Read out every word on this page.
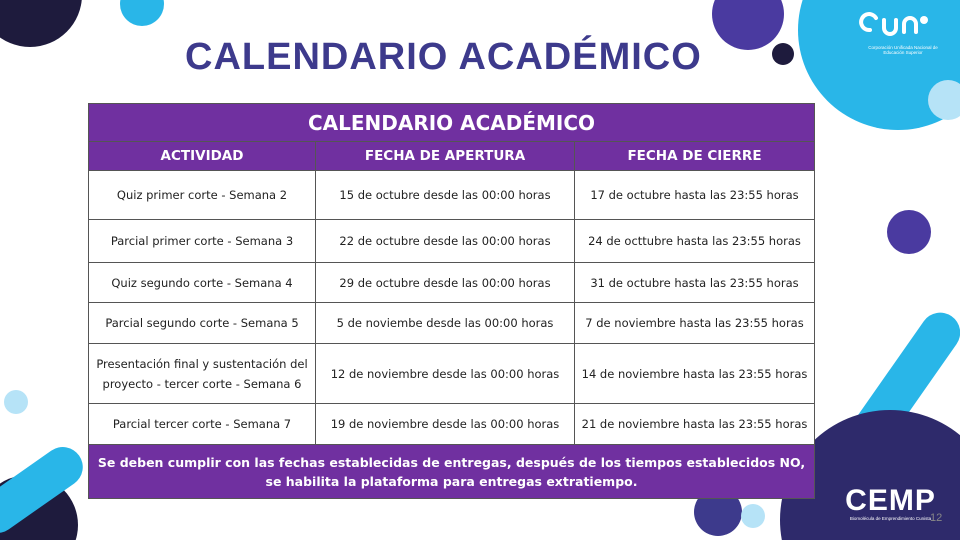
CALENDARIO ACADÉMICO	Corporación Unificada Nacional de Educación Superior
CALENDARIO ACADÉMICO		
ACTIVIDAD	FECHA DE APERTURA	FECHA DE CIERRE
Quiz primer corte - Semana 2	15 de octubre desde las 00:00 horas	17 de octubre hasta las 23:55 horas
Parcial primer corte - Semana 3	22 de octubre desde las 00:00 horas	24 de octtubre hasta las 23:55 horas
Quiz segundo corte - Semana 4	29 de octubre desde las 00:00 horas	31 de octubre hasta las 23:55 horas
Parcial segundo corte - Semana 5	5 de noviembe desde las 00:00 horas	7 de noviembre hasta las 23:55 horas
Presentación final y sustentación del proyecto - tercer corte - Semana 6	12 de noviembre desde las 00:00 horas	14 de noviembre hasta las 23:55 horas
Parcial tercer corte - Semana 7	19 de noviembre desde las 00:00 horas	21 de noviembre hasta las 23:55 horas
Se deben cumplir con las fechas establecidas de entregas, después de los tiempos establecidos NO, se habilita la plataforma para entregas extratiempo.		
CEMP
Biomolécula de Emprendimiento Cunista
12
